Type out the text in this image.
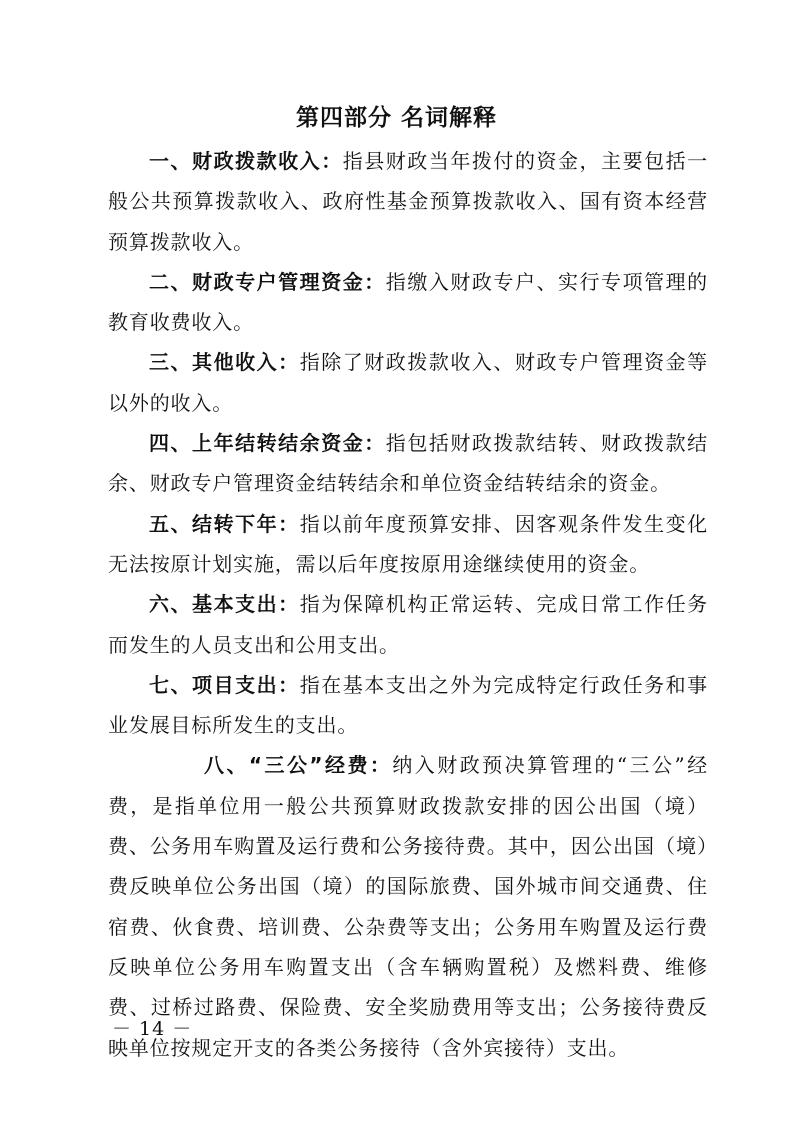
第四部分 名词解释

一、财政拨款收入：指县财政当年拨付的资金，主要包括一般公共预算拨款收入、政府性基金预算拨款收入、国有资本经营预算拨款收入。

二、财政专户管理资金：指缴入财政专户、实行专项管理的教育收费收入。

三、其他收入：指除了财政拨款收入、财政专户管理资金等以外的收入。

四、上年结转结余资金：指包括财政拨款结转、财政拨款结余、财政专户管理资金结转结余和单位资金结转结余的资金。

五、结转下年：指以前年度预算安排、因客观条件发生变化无法按原计划实施，需以后年度按原用途继续使用的资金。

六、基本支出：指为保障机构正常运转、完成日常工作任务而发生的人员支出和公用支出。

七、项目支出：指在基本支出之外为完成特定行政任务和事业发展目标所发生的支出。

八、“三公”经费：纳入财政预决算管理的“三公”经费，是指单位用一般公共预算财政拨款安排的因公出国（境）费、公务用车购置及运行费和公务接待费。其中，因公出国（境）费反映单位公务出国（境）的国际旅费、国外城市间交通费、住宿费、伙食费、培训费、公杂费等支出；公务用车购置及运行费反映单位公务用车购置支出（含车辆购置税）及燃料费、维修费、过桥过路费、保险费、安全奖励费用等支出；公务接待费反映单位按规定开支的各类公务接待（含外宾接待）支出。

－ 14 －
